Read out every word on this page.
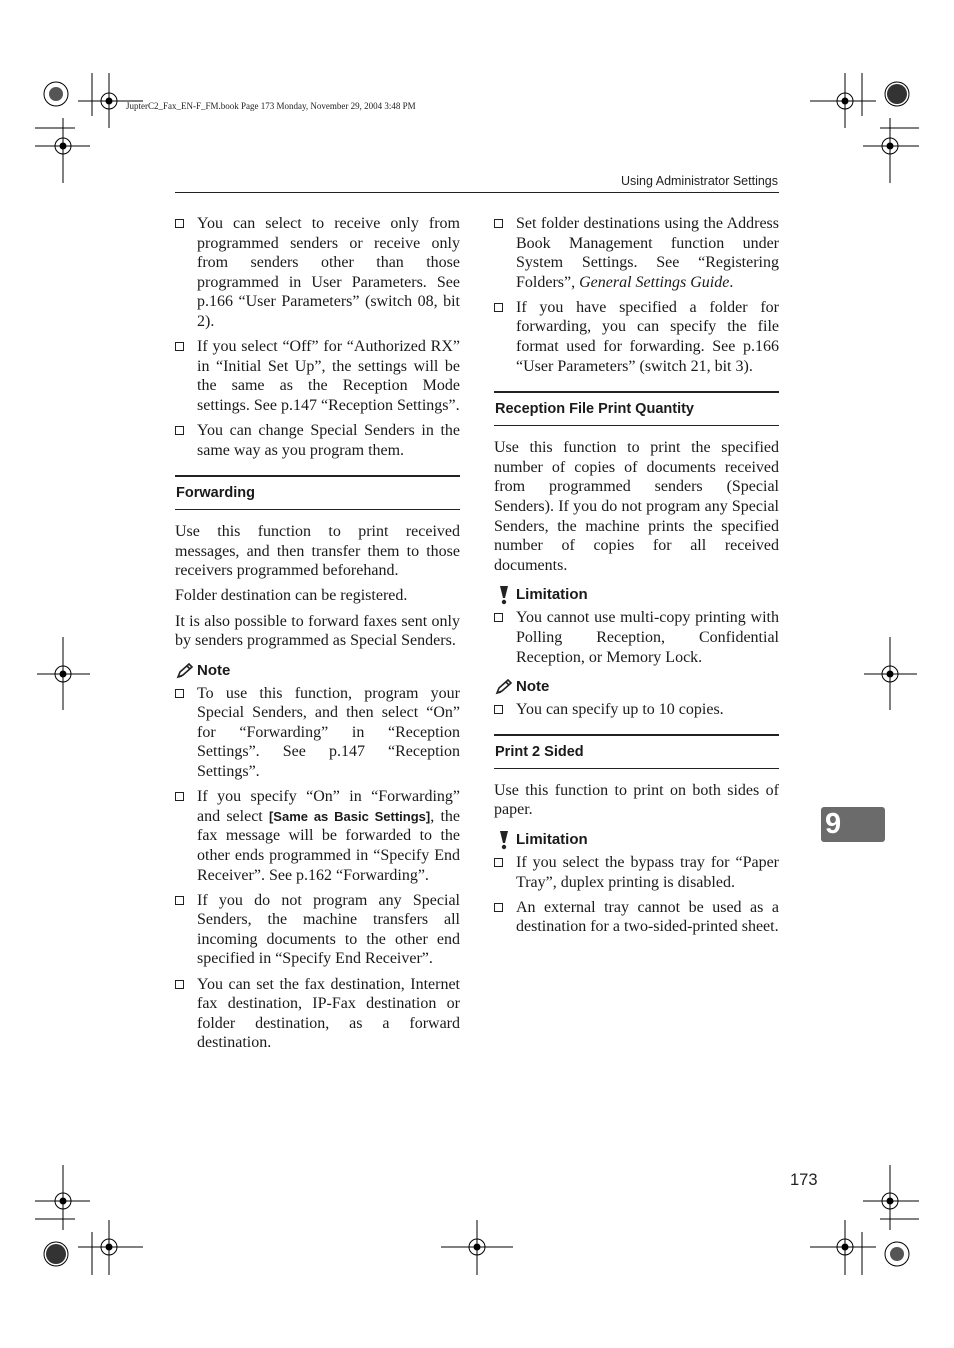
JupterC2_Fax_EN-F_FM.book Page 173 Monday, November 29, 2004 3:48 PM
Using Administrator Settings
You can select to receive only from programmed senders or receive only from senders other than those programmed in User Parameters. See p.166 “User Parameters” (switch 08, bit 2).
If you select “Off” for “Authorized RX” in “Initial Set Up”, the settings will be the same as the Reception Mode settings. See p.147 “Reception Settings”.
You can change Special Senders in the same way as you program them.
Forwarding
Use this function to print received messages, and then transfer them to those receivers programmed beforehand.
Folder destination can be registered.
It is also possible to forward faxes sent only by senders programmed as Special Senders.
Note
To use this function, program your Special Senders, and then select “On” for “Forwarding” in “Reception Settings”. See p.147 “Reception Settings”.
If you specify “On” in “Forwarding” and select [Same as Basic Settings], the fax message will be forwarded to the other ends programmed in “Specify End Receiver”. See p.162 “Forwarding”.
If you do not program any Special Senders, the machine transfers all incoming documents to the other end specified in “Specify End Receiver”.
You can set the fax destination, Internet fax destination, IP-Fax destination or folder destination, as a forward destination.
Set folder destinations using the Address Book Management function under System Settings. See “Registering Folders”, General Settings Guide.
If you have specified a folder for forwarding, you can specify the file format used for forwarding. See p.166 “User Parameters” (switch 21, bit 3).
Reception File Print Quantity
Use this function to print the specified number of copies of documents received from programmed senders (Special Senders). If you do not program any Special Senders, the machine prints the specified number of copies for all received documents.
Limitation
You cannot use multi-copy printing with Polling Reception, Confidential Reception, or Memory Lock.
Note
You can specify up to 10 copies.
Print 2 Sided
Use this function to print on both sides of paper.
Limitation
If you select the bypass tray for “Paper Tray”, duplex printing is disabled.
An external tray cannot be used as a destination for a two-sided-printed sheet.
9
173
